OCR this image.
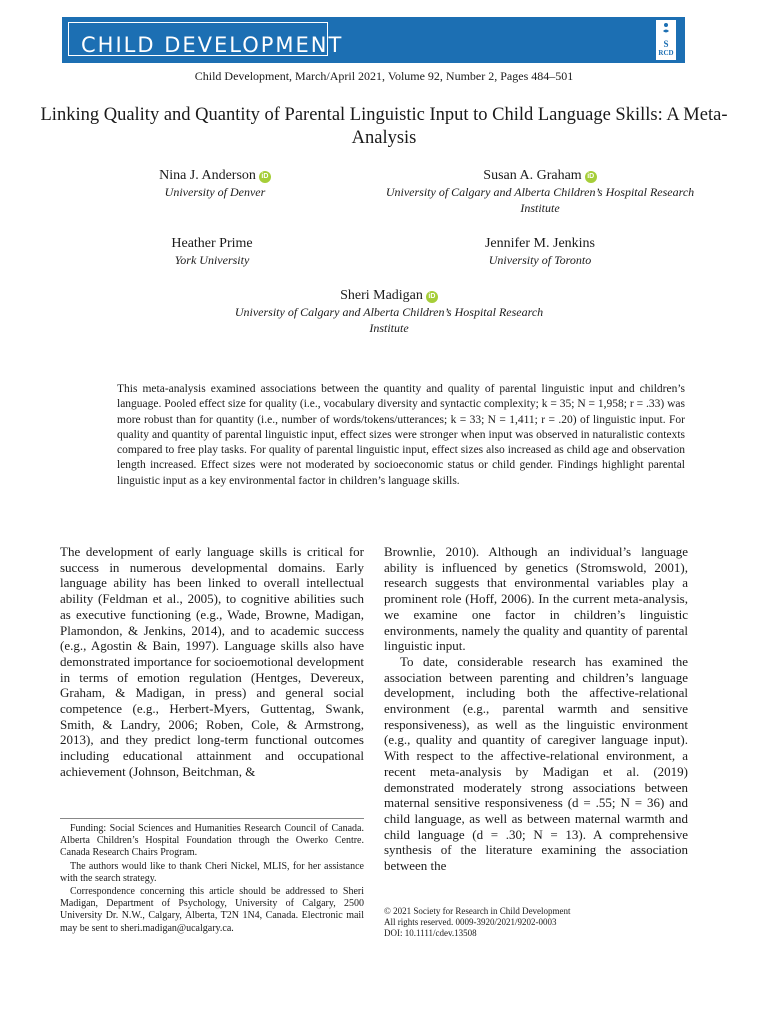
CHILD DEVELOPMENT	S
RCD
Child Development, March/April 2021, Volume 92, Number 2, Pages 484–501
Linking Quality and Quantity of Parental Linguistic Input to Child Language Skills: A Meta-Analysis
Nina J. Anderson iD
University of Denver
Susan A. Graham iD
University of Calgary and Alberta Children’s Hospital Research Institute
Heather Prime
York University
Jennifer M. Jenkins
University of Toronto
Sheri Madigan iD
University of Calgary and Alberta Children’s Hospital Research Institute
This meta-analysis examined associations between the quantity and quality of parental linguistic input and children’s language. Pooled effect size for quality (i.e., vocabulary diversity and syntactic complexity; k = 35; N = 1,958; r = .33) was more robust than for quantity (i.e., number of words/tokens/utterances; k = 33; N = 1,411; r = .20) of linguistic input. For quality and quantity of parental linguistic input, effect sizes were stronger when input was observed in naturalistic contexts compared to free play tasks. For quality of parental linguistic input, effect sizes also increased as child age and observation length increased. Effect sizes were not moderated by socioeconomic status or child gender. Findings highlight parental linguistic input as a key environmental factor in children’s language skills.

The development of early language skills is critical for success in numerous developmental domains. Early language ability has been linked to overall intellectual ability (Feldman et al., 2005), to cognitive abilities such as executive functioning (e.g., Wade, Browne, Madigan, Plamondon, & Jenkins, 2014), and to academic success (e.g., Agostin & Bain, 1997). Language skills also have demonstrated importance for socioemotional development in terms of emotion regulation (Hentges, Devereux, Graham, & Madigan, in press) and general social competence (e.g., Herbert-Myers, Guttentag, Swank, Smith, & Landry, 2006; Roben, Cole, & Armstrong, 2013), and they predict long-term functional outcomes including educational attainment and occupational achievement (Johnson, Beitchman, &

Brownlie, 2010). Although an individual’s language ability is influenced by genetics (Stromswold, 2001), research suggests that environmental variables play a prominent role (Hoff, 2006). In the current meta-analysis, we examine one factor in children’s linguistic environments, namely the quality and quantity of parental linguistic input.

To date, considerable research has examined the association between parenting and children’s language development, including both the affective-relational environment (e.g., parental warmth and sensitive responsiveness), as well as the linguistic environment (e.g., quality and quantity of caregiver language input). With respect to the affective-relational environment, a recent meta-analysis by Madigan et al. (2019) demonstrated moderately strong associations between maternal sensitive responsiveness (d = .55; N = 36) and child language, as well as between maternal warmth and child language (d = .30; N = 13). A comprehensive synthesis of the literature examining the association between the

Funding: Social Sciences and Humanities Research Council of Canada. Alberta Children’s Hospital Foundation through the Owerko Centre. Canada Research Chairs Program.

The authors would like to thank Cheri Nickel, MLIS, for her assistance with the search strategy.

Correspondence concerning this article should be addressed to Sheri Madigan, Department of Psychology, University of Calgary, 2500 University Dr. N.W., Calgary, Alberta, T2N 1N4, Canada. Electronic mail may be sent to sheri.madigan@ucalgary.ca.

© 2021 Society for Research in Child Development
All rights reserved. 0009-3920/2021/9202-0003
DOI: 10.1111/cdev.13508
